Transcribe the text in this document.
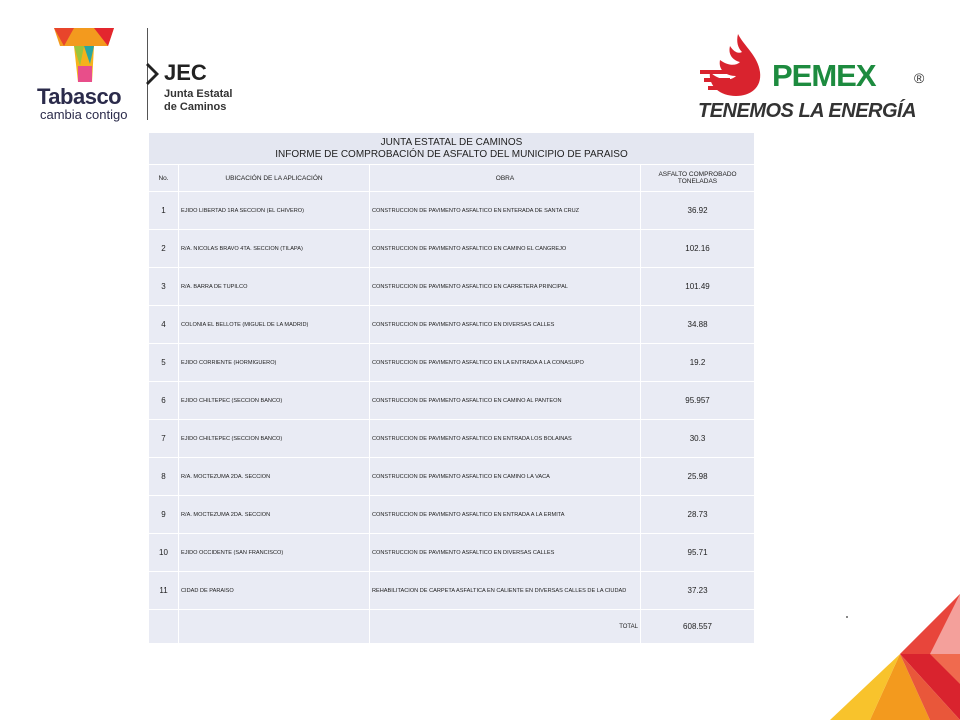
Tabasco
cambia contigo
JEC
Junta Estatal
de Caminos
PEMEX	®
TENEMOS LA ENERGÍA
JUNTA ESTATAL DE CAMINOS
INFORME DE COMPROBACIÓN DE ASFALTO DEL MUNICIPIO DE PARAISO			

No.	UBICACIÓN DE LA APLICACIÓN	OBRA	ASFALTO COMPROBADO
TONELADAS

1	EJIDO LIBERTAD 1RA SECCION (EL CHIVERO)	CONSTRUCCION DE PAVIMENTO ASFALTICO EN ENTERADA DE SANTA CRUZ	36.92
2	R/A. NICOLAS BRAVO 4TA. SECCION (TILAPA)	CONSTRUCCION DE PAVIMENTO ASFALTICO EN CAMINO EL CANGREJO	102.16
3	R/A. BARRA DE TUPILCO	CONSTRUCCION DE PAVIMENTO ASFALTICO EN CARRETERA PRINCIPAL	101.49
4	COLONIA EL BELLOTE (MIGUEL DE LA MADRID)	CONSTRUCCION DE PAVIMENTO ASFALTICO EN DIVERSAS CALLES	34.88
5	EJIDO CORRIENTE (HORMIGUERO)	CONSTRUCCION DE PAVIMENTO ASFALTICO EN LA ENTRADA A LA CONASUPO	19.2
6	EJIDO CHILTEPEC (SECCION BANCO)	CONSTRUCCION DE PAVIMENTO ASFALTICO EN CAMINO AL PANTEON	95.957
7	EJIDO CHILTEPEC (SECCION BANCO)	CONSTRUCCION DE PAVIMENTO ASFALTICO EN ENTRADA LOS BOLAINAS	30.3
8	R/A. MOCTEZUMA 2DA. SECCION	CONSTRUCCION DE PAVIMENTO ASFALTICO EN CAMINO LA VACA	25.98
9	R/A. MOCTEZUMA 2DA. SECCION	CONSTRUCCION DE PAVIMENTO ASFALTICO EN ENTRADA A LA ERMITA	28.73
10	EJIDO OCCIDENTE (SAN FRANCISCO)	CONSTRUCCION DE PAVIMENTO ASFALTICO EN DIVERSAS CALLES	95.71
11	CIDAD DE PARAISO	REHABILITACION DE CARPETA ASFALTICA EN CALIENTE EN DIVERSAS CALLES DE LA CIUDAD	37.23
		TOTAL	608.557
